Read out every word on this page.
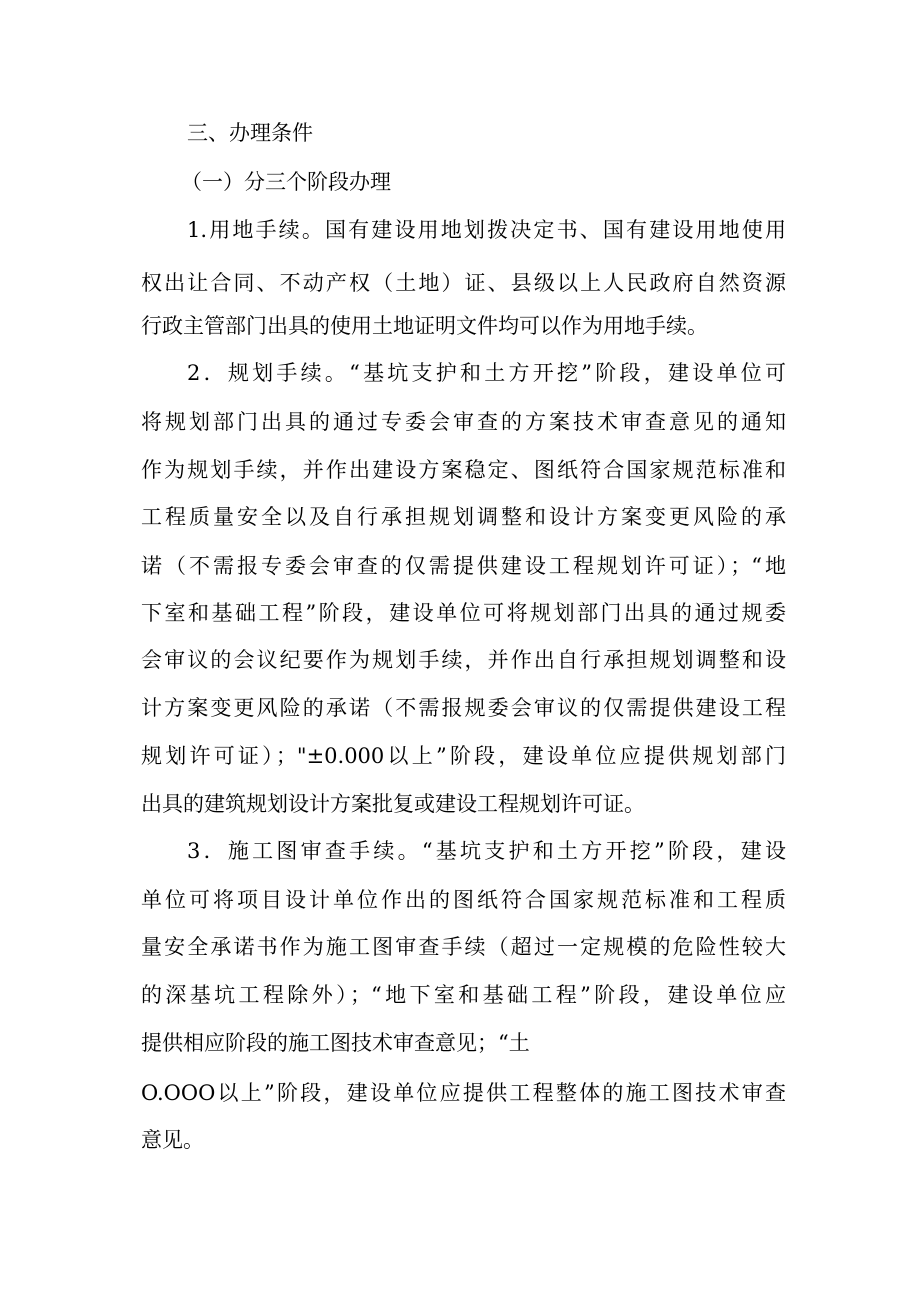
三、办理条件
（一）分三个阶段办理
1.用地手续。国有建设用地划拨决定书、国有建设用地使用
权出让合同、不动产权（土地）证、县级以上人民政府自然资源
行政主管部门出具的使用土地证明文件均可以作为用地手续。
2．规划手续。“基坑支护和土方开挖”阶段，建设单位可
将规划部门出具的通过专委会审查的方案技术审查意见的通知
作为规划手续，并作出建设方案稳定、图纸符合国家规范标准和
工程质量安全以及自行承担规划调整和设计方案变更风险的承
诺（不需报专委会审查的仅需提供建设工程规划许可证）；“地
下室和基础工程”阶段，建设单位可将规划部门出具的通过规委
会审议的会议纪要作为规划手续，并作出自行承担规划调整和设
计方案变更风险的承诺（不需报规委会审议的仅需提供建设工程
规划许可证）；"±0.000以上”阶段，建设单位应提供规划部门
出具的建筑规划设计方案批复或建设工程规划许可证。
3．施工图审查手续。“基坑支护和土方开挖”阶段，建设
单位可将项目设计单位作出的图纸符合国家规范标准和工程质
量安全承诺书作为施工图审查手续（超过一定规模的危险性较大
的深基坑工程除外）；“地下室和基础工程”阶段，建设单位应
提供相应阶段的施工图技术审查意见；“土
O.OOO以上”阶段，建设单位应提供工程整体的施工图技术审查
意见。
